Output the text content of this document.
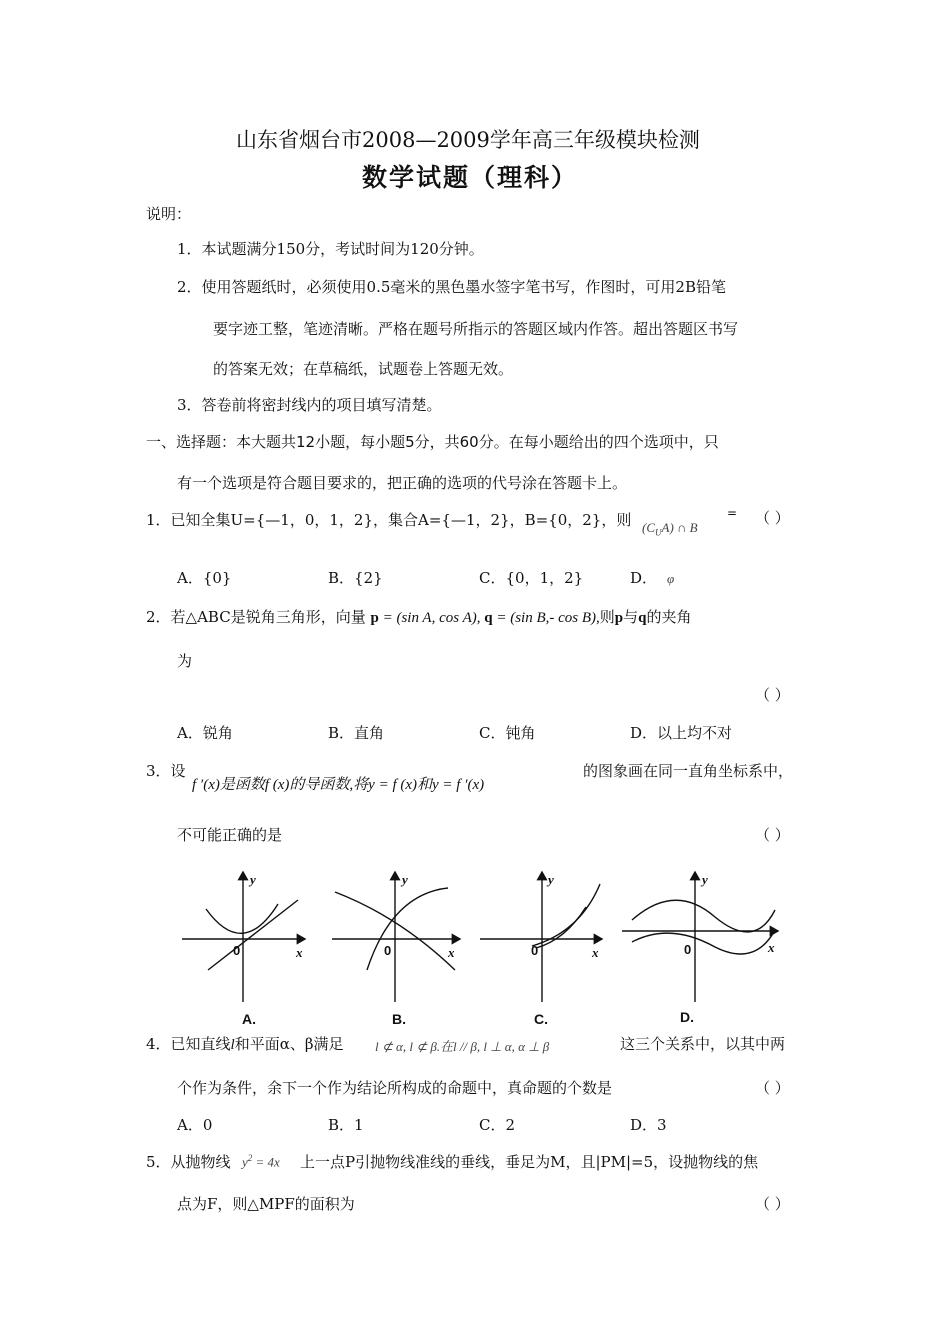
山东省烟台市2008—2009学年高三年级模块检测
数学试题（理科）
说明：
1．本试题满分150分，考试时间为120分钟。
2．使用答题纸时，必须使用0.5毫米的黑色墨水签字笔书写，作图时，可用2B铅笔
要字迹工整，笔迹清晰。严格在题号所指示的答题区域内作答。超出答题区书写
的答案无效；在草稿纸，试题卷上答题无效。
3．答卷前将密封线内的项目填写清楚。
一、选择题：本大题共12小题，每小题5分，共60分。在每小题给出的四个选项中，只
有一个选项是符合题目要求的，把正确的选项的代号涂在答题卡上。
1．已知全集U={—1，0，1，2}，集合A={—1，2}，B={0，2}，则 $(C_UA)$ ∩ B
= （ ）
A．{0}	B．{2}	C．{0，1，2}	D． φ
2．若△ABC是锐角三角形，向量 p = (sin A, cos A), q = (sin B,- cos B),则p与q的夹角
为
（ ）
A．锐角	B．直角	C．钝角	D．以上均不对
3．设
f ′(x)是函数f (x)的导函数,将y = f (x)和y = f ′(x)
的图象画在同一直角坐标系中，
不可能正确的是	（ ）
y
x
y
x
y
x
y
x
0	0	0	0
A.	B.	C.	D.
4．已知直线l和平面α、β满足 l ⊄ α, l ⊄ β.在l // β, l ⊥ α, α ⊥ β	这三个关系中，以其中两
个作为条件，余下一个作为结论所构成的命题中，真命题的个数是	（ ）
A．0	B．1	C．2	D．3
5．从抛物线 $y^2 = 4x$ 上一点P引抛物线准线的垂线，垂足为M，且|PM|=5，设抛物线的焦
点为F，则△MPF的面积为	（ ）
